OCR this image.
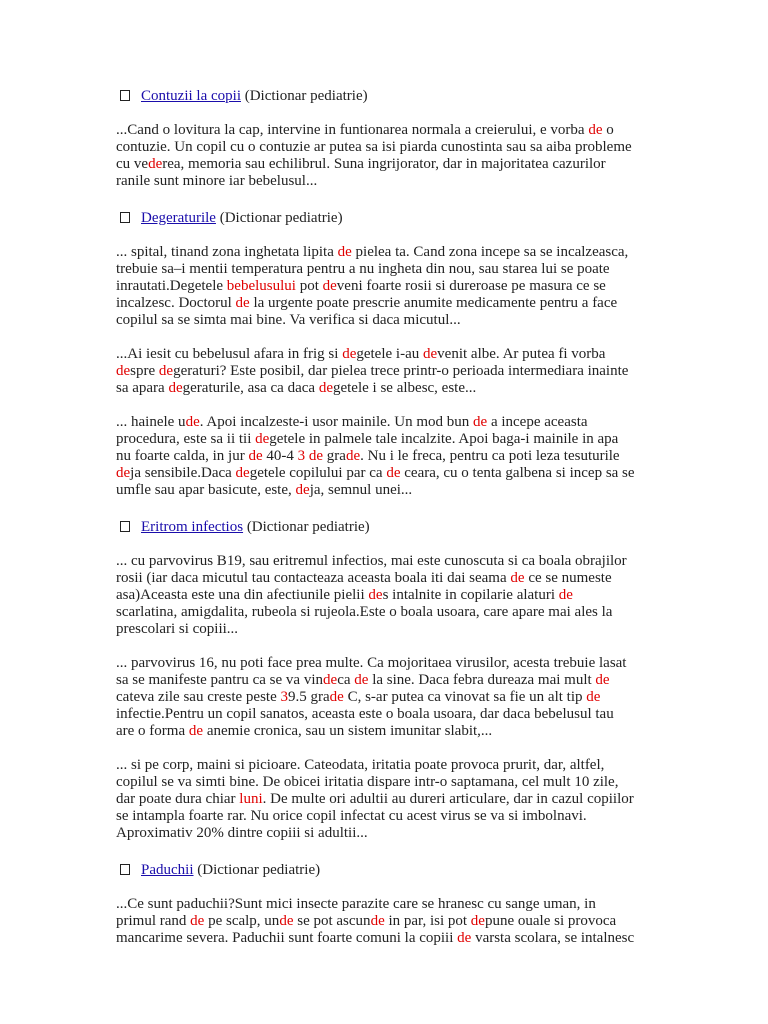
Contuzii la copii (Dictionar pediatrie)
...Cand o lovitura la cap, intervine in funtionarea normala a creierului, e vorba de o
contuzie. Un copil cu o contuzie ar putea sa isi piarda cunostinta sau sa aiba probleme
cu vederea, memoria sau echilibrul. Suna ingrijorator, dar in majoritatea cazurilor
ranile sunt minore iar bebelusul...
Degeraturile (Dictionar pediatrie)
... spital, tinand zona inghetata lipita de pielea ta. Cand zona incepe sa se incalzeasca,
trebuie sa–i mentii temperatura pentru a nu ingheta din nou, sau starea lui se poate
inrautati.Degetele bebelusului pot deveni foarte rosii si dureroase pe masura ce se
incalzesc. Doctorul de la urgente poate prescrie anumite medicamente pentru a face
copilul sa se simta mai bine. Va verifica si daca micutul...
...Ai iesit cu bebelusul afara in frig si degetele i-au devenit albe. Ar putea fi vorba
despre degeraturi? Este posibil, dar pielea trece printr-o perioada intermediara inainte
sa apara degeraturile, asa ca daca degetele i se albesc, este...
... hainele ude. Apoi incalzeste-i usor mainile. Un mod bun de a incepe aceasta
procedura, este sa ii tii degetele in palmele tale incalzite. Apoi baga-i mainile in apa
nu foarte calda, in jur de 40-4 3 de grade. Nu i le freca, pentru ca poti leza tesuturile
deja sensibile.Daca degetele copilului par ca de ceara, cu o tenta galbena si incep sa se
umfle sau apar basicute, este, deja, semnul unei...
Eritrom infectios (Dictionar pediatrie)
... cu parvovirus B19, sau eritremul infectios, mai este cunoscuta si ca boala obrajilor
rosii (iar daca micutul tau contacteaza aceasta boala iti dai seama de ce se numeste
asa)Aceasta este una din afectiunile pielii des intalnite in copilarie alaturi de
scarlatina, amigdalita, rubeola si rujeola.Este o boala usoara, care apare mai ales la
prescolari si copiii...
... parvovirus 16, nu poti face prea multe. Ca mojoritaea virusilor, acesta trebuie lasat
sa se manifeste pantru ca se va vindeca de la sine. Daca febra dureaza mai mult de
cateva zile sau creste peste 39.5 grade C, s-ar putea ca vinovat sa fie un alt tip de
infectie.Pentru un copil sanatos, aceasta este o boala usoara, dar daca bebelusul tau
are o forma de anemie cronica, sau un sistem imunitar slabit,...
... si pe corp, maini si picioare. Cateodata, iritatia poate provoca prurit, dar, altfel,
copilul se va simti bine. De obicei iritatia dispare intr-o saptamana, cel mult 10 zile,
dar poate dura chiar luni. De multe ori adultii au dureri articulare, dar in cazul copiilor
se intampla foarte rar. Nu orice copil infectat cu acest virus se va si imbolnavi.
Aproximativ 20% dintre copiii si adultii...
Paduchii (Dictionar pediatrie)
...Ce sunt paduchii?Sunt mici insecte parazite care se hranesc cu sange uman, in
primul rand de pe scalp, unde se pot ascunde in par, isi pot depune ouale si provoca
mancarime severa. Paduchii sunt foarte comuni la copiii de varsta scolara, se intalnesc
